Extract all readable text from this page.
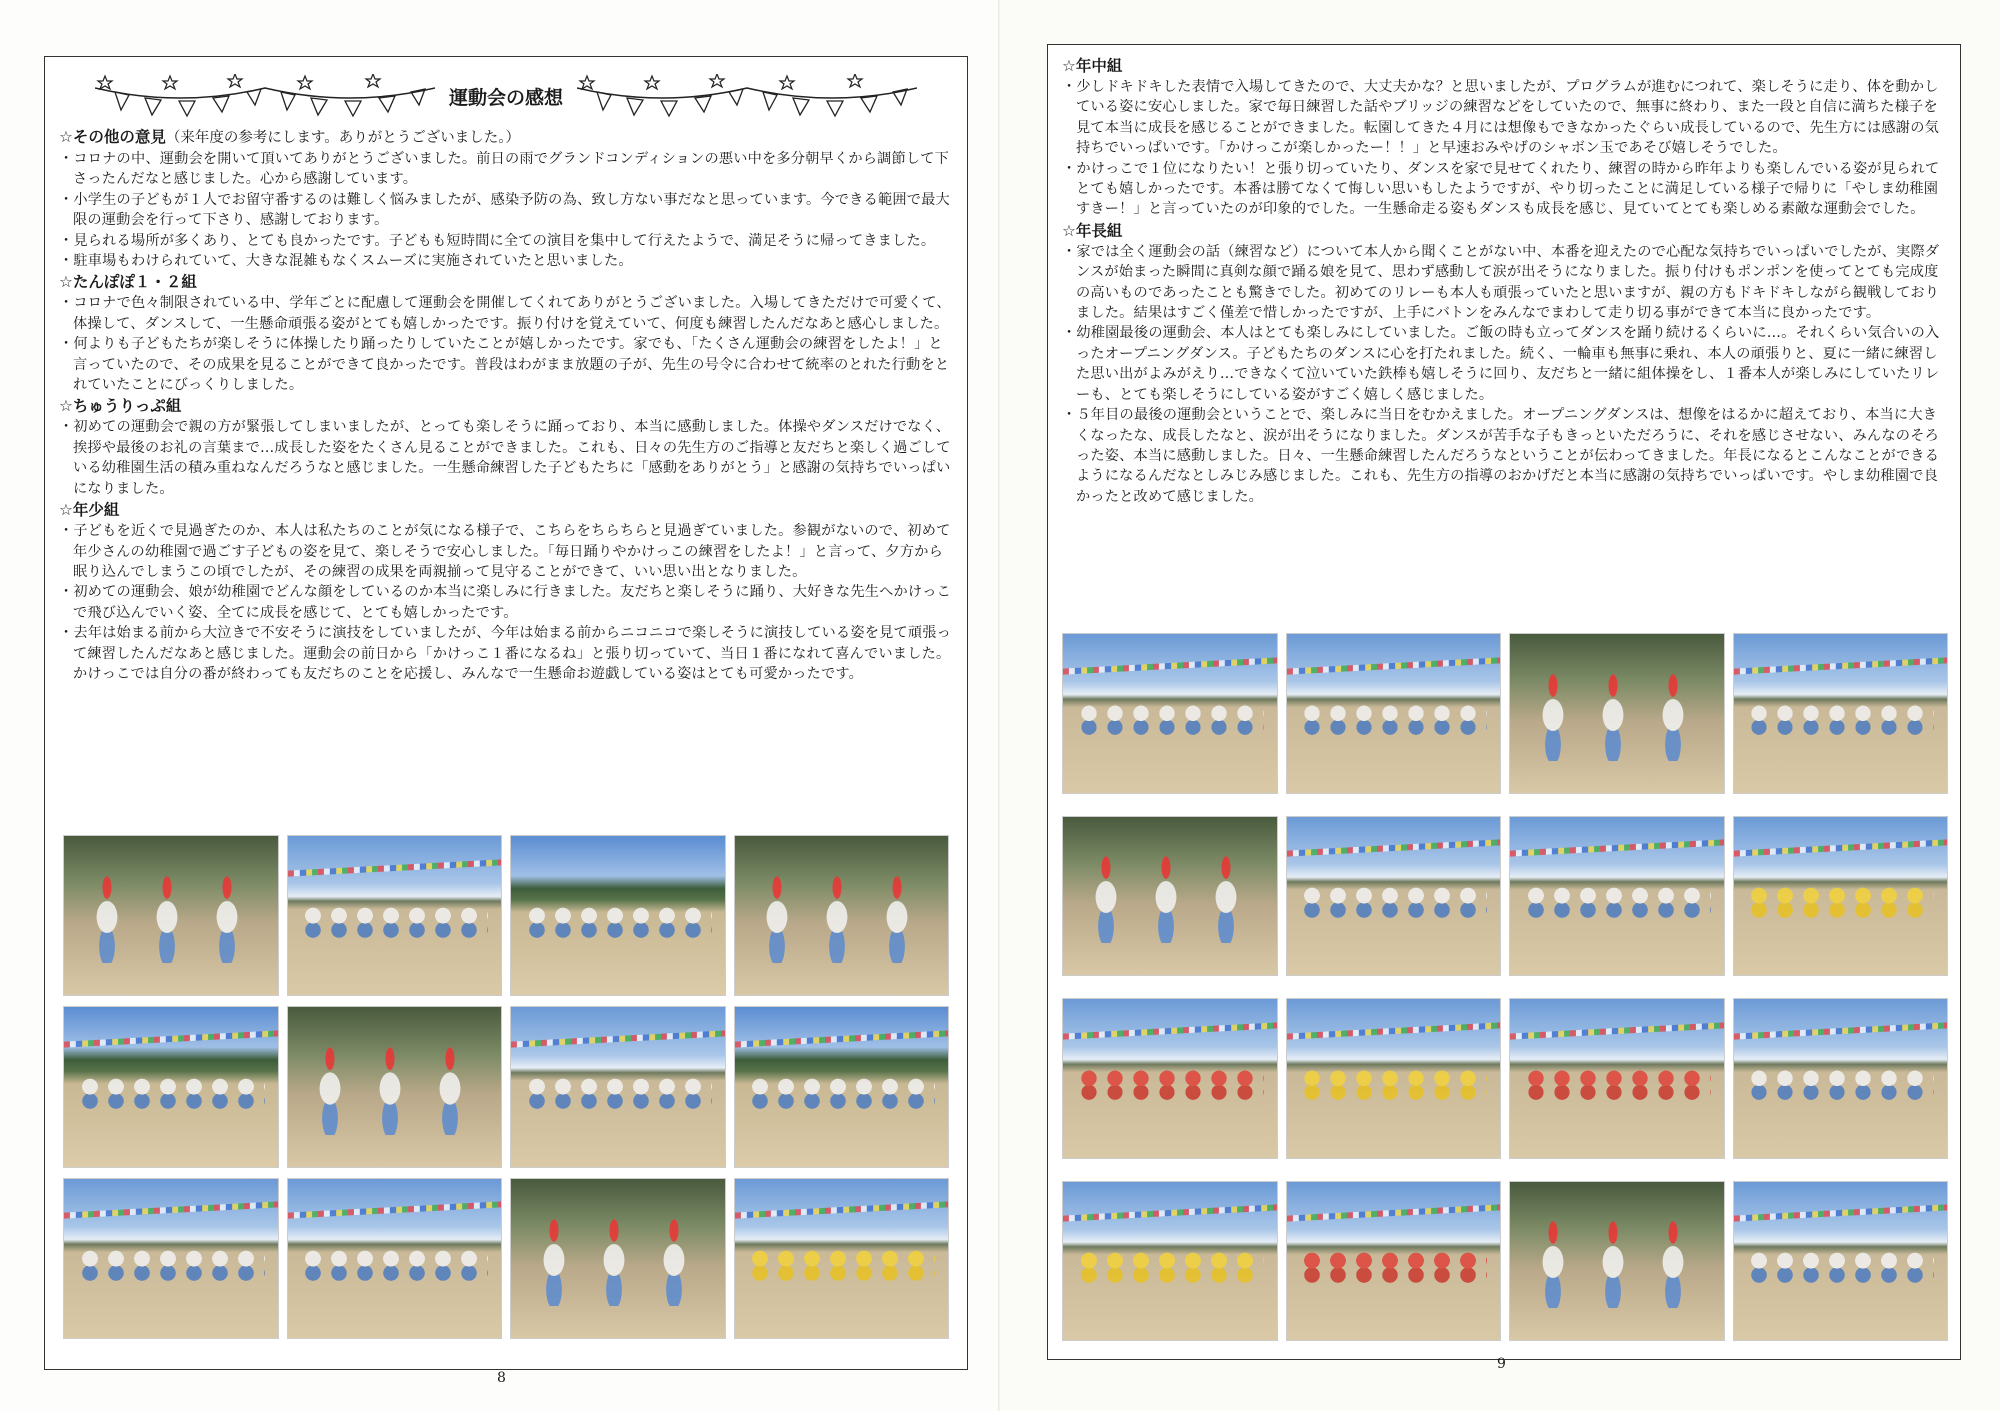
運動会の感想
☆その他の意見（来年度の参考にします。ありがとうございました。）
・ コロナの中、運動会を開いて頂いてありがとうございました。前日の雨でグランドコンディションの悪い中を多分朝早くから調節して下さったんだなと感じました。心から感謝しています。
・ 小学生の子どもが１人でお留守番するのは難しく悩みましたが、感染予防の為、致し方ない事だなと思っています。今できる範囲で最大限の運動会を行って下さり、感謝しております。
・ 見られる場所が多くあり、とても良かったです。子どもも短時間に全ての演目を集中して行えたようで、満足そうに帰ってきました。
・ 駐車場もわけられていて、大きな混雑もなくスムーズに実施されていたと思いました。
☆たんぽぽ１・２組
・ コロナで色々制限されている中、学年ごとに配慮して運動会を開催してくれてありがとうございました。入場してきただけで可愛くて、体操して、ダンスして、一生懸命頑張る姿がとても嬉しかったです。振り付けを覚えていて、何度も練習したんだなあと感心しました。
・ 何よりも子どもたちが楽しそうに体操したり踊ったりしていたことが嬉しかったです。家でも、「たくさん運動会の練習をしたよ！」と言っていたので、その成果を見ることができて良かったです。普段はわがまま放題の子が、先生の号令に合わせて統率のとれた行動をとれていたことにびっくりしました。
☆ちゅうりっぷ組
・ 初めての運動会で親の方が緊張してしまいましたが、とっても楽しそうに踊っており、本当に感動しました。体操やダンスだけでなく、挨拶や最後のお礼の言葉まで…成長した姿をたくさん見ることができました。これも、日々の先生方のご指導と友だちと楽しく過ごしている幼稚園生活の積み重ねなんだろうなと感じました。一生懸命練習した子どもたちに「感動をありがとう」と感謝の気持ちでいっぱいになりました。
☆年少組
・ 子どもを近くで見過ぎたのか、本人は私たちのことが気になる様子で、こちらをちらちらと見過ぎていました。参観がないので、初めて年少さんの幼稚園で過ごす子どもの姿を見て、楽しそうで安心しました。「毎日踊りやかけっこの練習をしたよ！」と言って、夕方から眠り込んでしまうこの頃でしたが、その練習の成果を両親揃って見守ることができて、いい思い出となりました。
・ 初めての運動会、娘が幼稚園でどんな顔をしているのか本当に楽しみに行きました。友だちと楽しそうに踊り、大好きな先生へかけっこで飛び込んでいく姿、全てに成長を感じて、とても嬉しかったです。
・ 去年は始まる前から大泣きで不安そうに演技をしていましたが、今年は始まる前からニコニコで楽しそうに演技している姿を見て頑張って練習したんだなあと感じました。運動会の前日から「かけっこ１番になるね」と張り切っていて、当日１番になれて喜んでいました。かけっこでは自分の番が終わっても友だちのことを応援し、みんなで一生懸命お遊戯している姿はとても可愛かったです。
8
☆年中組
・ 少しドキドキした表情で入場してきたので、大丈夫かな？と思いましたが、プログラムが進むにつれて、楽しそうに走り、体を動かしている姿に安心しました。家で毎日練習した話やブリッジの練習などをしていたので、無事に終わり、また一段と自信に満ちた様子を見て本当に成長を感じることができました。転園してきた４月には想像もできなかったぐらい成長しているので、先生方には感謝の気持ちでいっぱいです。「かけっこが楽しかったー！！」と早速おみやげのシャボン玉であそび嬉しそうでした。
・ かけっこで１位になりたい！と張り切っていたり、ダンスを家で見せてくれたり、練習の時から昨年よりも楽しんでいる姿が見られてとても嬉しかったです。本番は勝てなくて悔しい思いもしたようですが、やり切ったことに満足している様子で帰りに「やしま幼稚園すきー！」と言っていたのが印象的でした。一生懸命走る姿もダンスも成長を感じ、見ていてとても楽しめる素敵な運動会でした。
☆年長組
・ 家では全く運動会の話（練習など）について本人から聞くことがない中、本番を迎えたので心配な気持ちでいっぱいでしたが、実際ダンスが始まった瞬間に真剣な顔で踊る娘を見て、思わず感動して涙が出そうになりました。振り付けもポンポンを使ってとても完成度の高いものであったことも驚きでした。初めてのリレーも本人も頑張っていたと思いますが、親の方もドキドキしながら観戦しておりました。結果はすごく僅差で惜しかったですが、上手にバトンをみんなでまわして走り切る事ができて本当に良かったです。
・ 幼稚園最後の運動会、本人はとても楽しみにしていました。ご飯の時も立ってダンスを踊り続けるくらいに…。それくらい気合いの入ったオープニングダンス。子どもたちのダンスに心を打たれました。続く、一輪車も無事に乗れ、本人の頑張りと、夏に一緒に練習した思い出がよみがえり…できなくて泣いていた鉄棒も嬉しそうに回り、友だちと一緒に組体操をし、１番本人が楽しみにしていたリレーも、とても楽しそうにしている姿がすごく嬉しく感じました。
・ ５年目の最後の運動会ということで、楽しみに当日をむかえました。オープニングダンスは、想像をはるかに超えており、本当に大きくなったな、成長したなと、涙が出そうになりました。ダンスが苦手な子もきっといただろうに、それを感じさせない、みんなのそろった姿、本当に感動しました。日々、一生懸命練習したんだろうなということが伝わってきました。年長になるとこんなことができるようになるんだなとしみじみ感じました。これも、先生方の指導のおかげだと本当に感謝の気持ちでいっぱいです。やしま幼稚園で良かったと改めて感じました。
9
